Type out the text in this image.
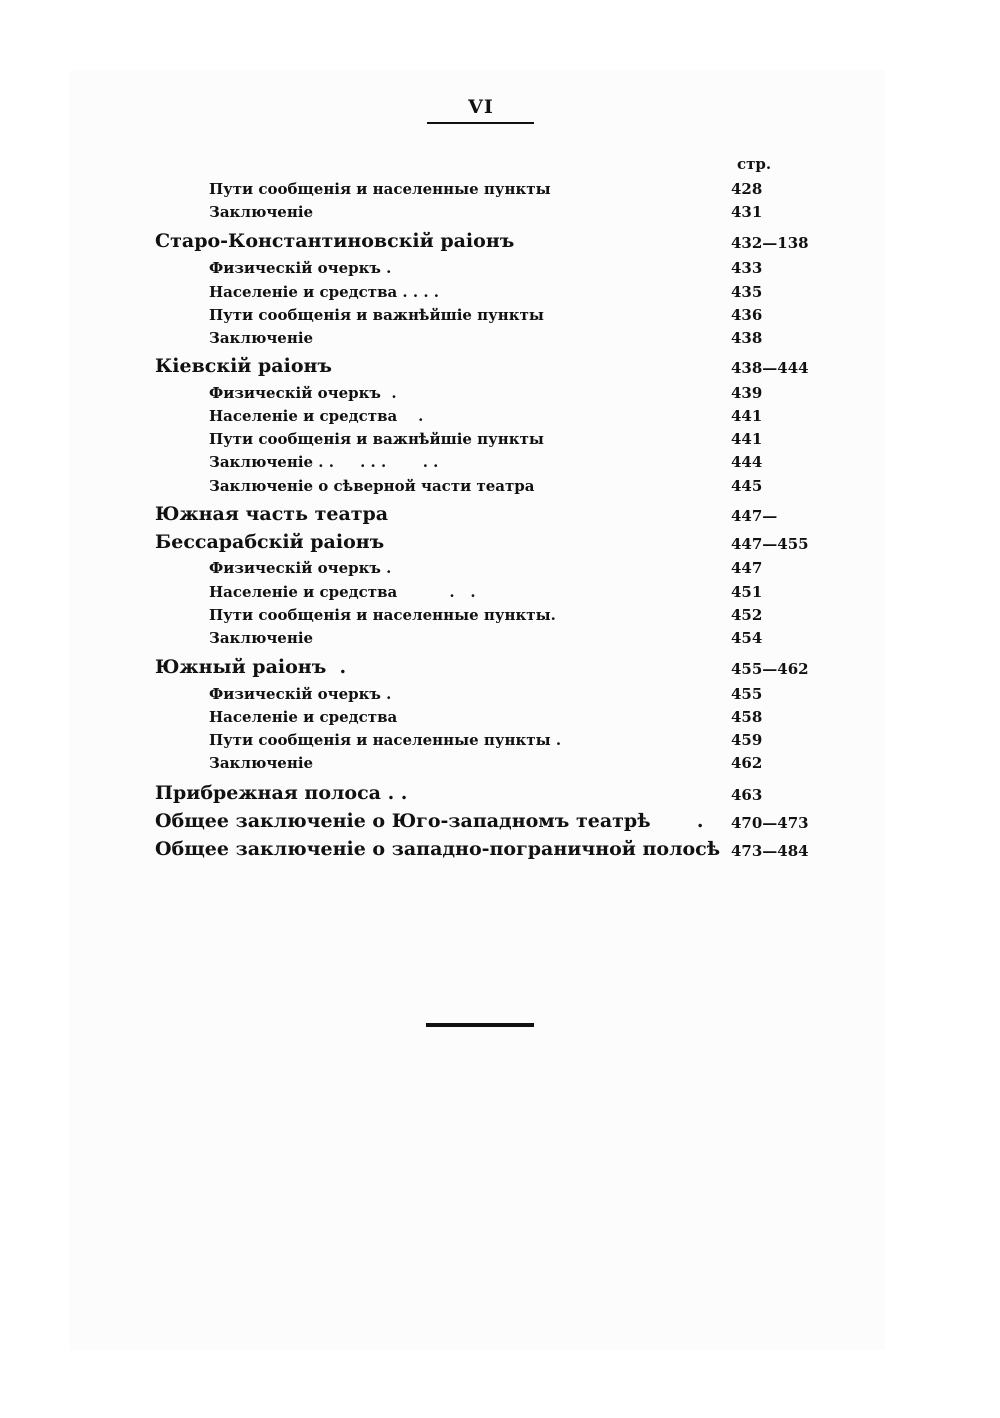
VI
стр.
Пути сообщенія и населенные пункты	428
Заключеніе	431
Старо-Константиновскій раіонъ	432—138
Физическій очеркъ .	433
Населеніе и средства . . . .	435
Пути сообщенія и важнѣйшіе пункты	436
Заключеніе	438
Кіевскій раіонъ	438—444
Физическій очеркъ  .	439
Населеніе и средства    .	441
Пути сообщенія и важнѣйшіе пункты	441
Заключеніе . .     . . .       . .	444
Заключеніе о сѣверной части театра	445
Южная часть театра	447—
Бессарабскій раіонъ	447—455
Физическій очеркъ .	447
Населеніе и средства          .   .	451
Пути сообщенія и населенные пункты.	452
Заключеніе	454
Южный раіонъ  .	455—462
Физическій очеркъ .	455
Населеніе и средства	458
Пути сообщенія и населенные пункты .	459
Заключеніе	462
Прибрежная полоса . .	463
Общее заключеніе о Юго-западномъ театрѣ       . 470—473
Общее заключеніе о западно-пограничной полосѣ 473—484
